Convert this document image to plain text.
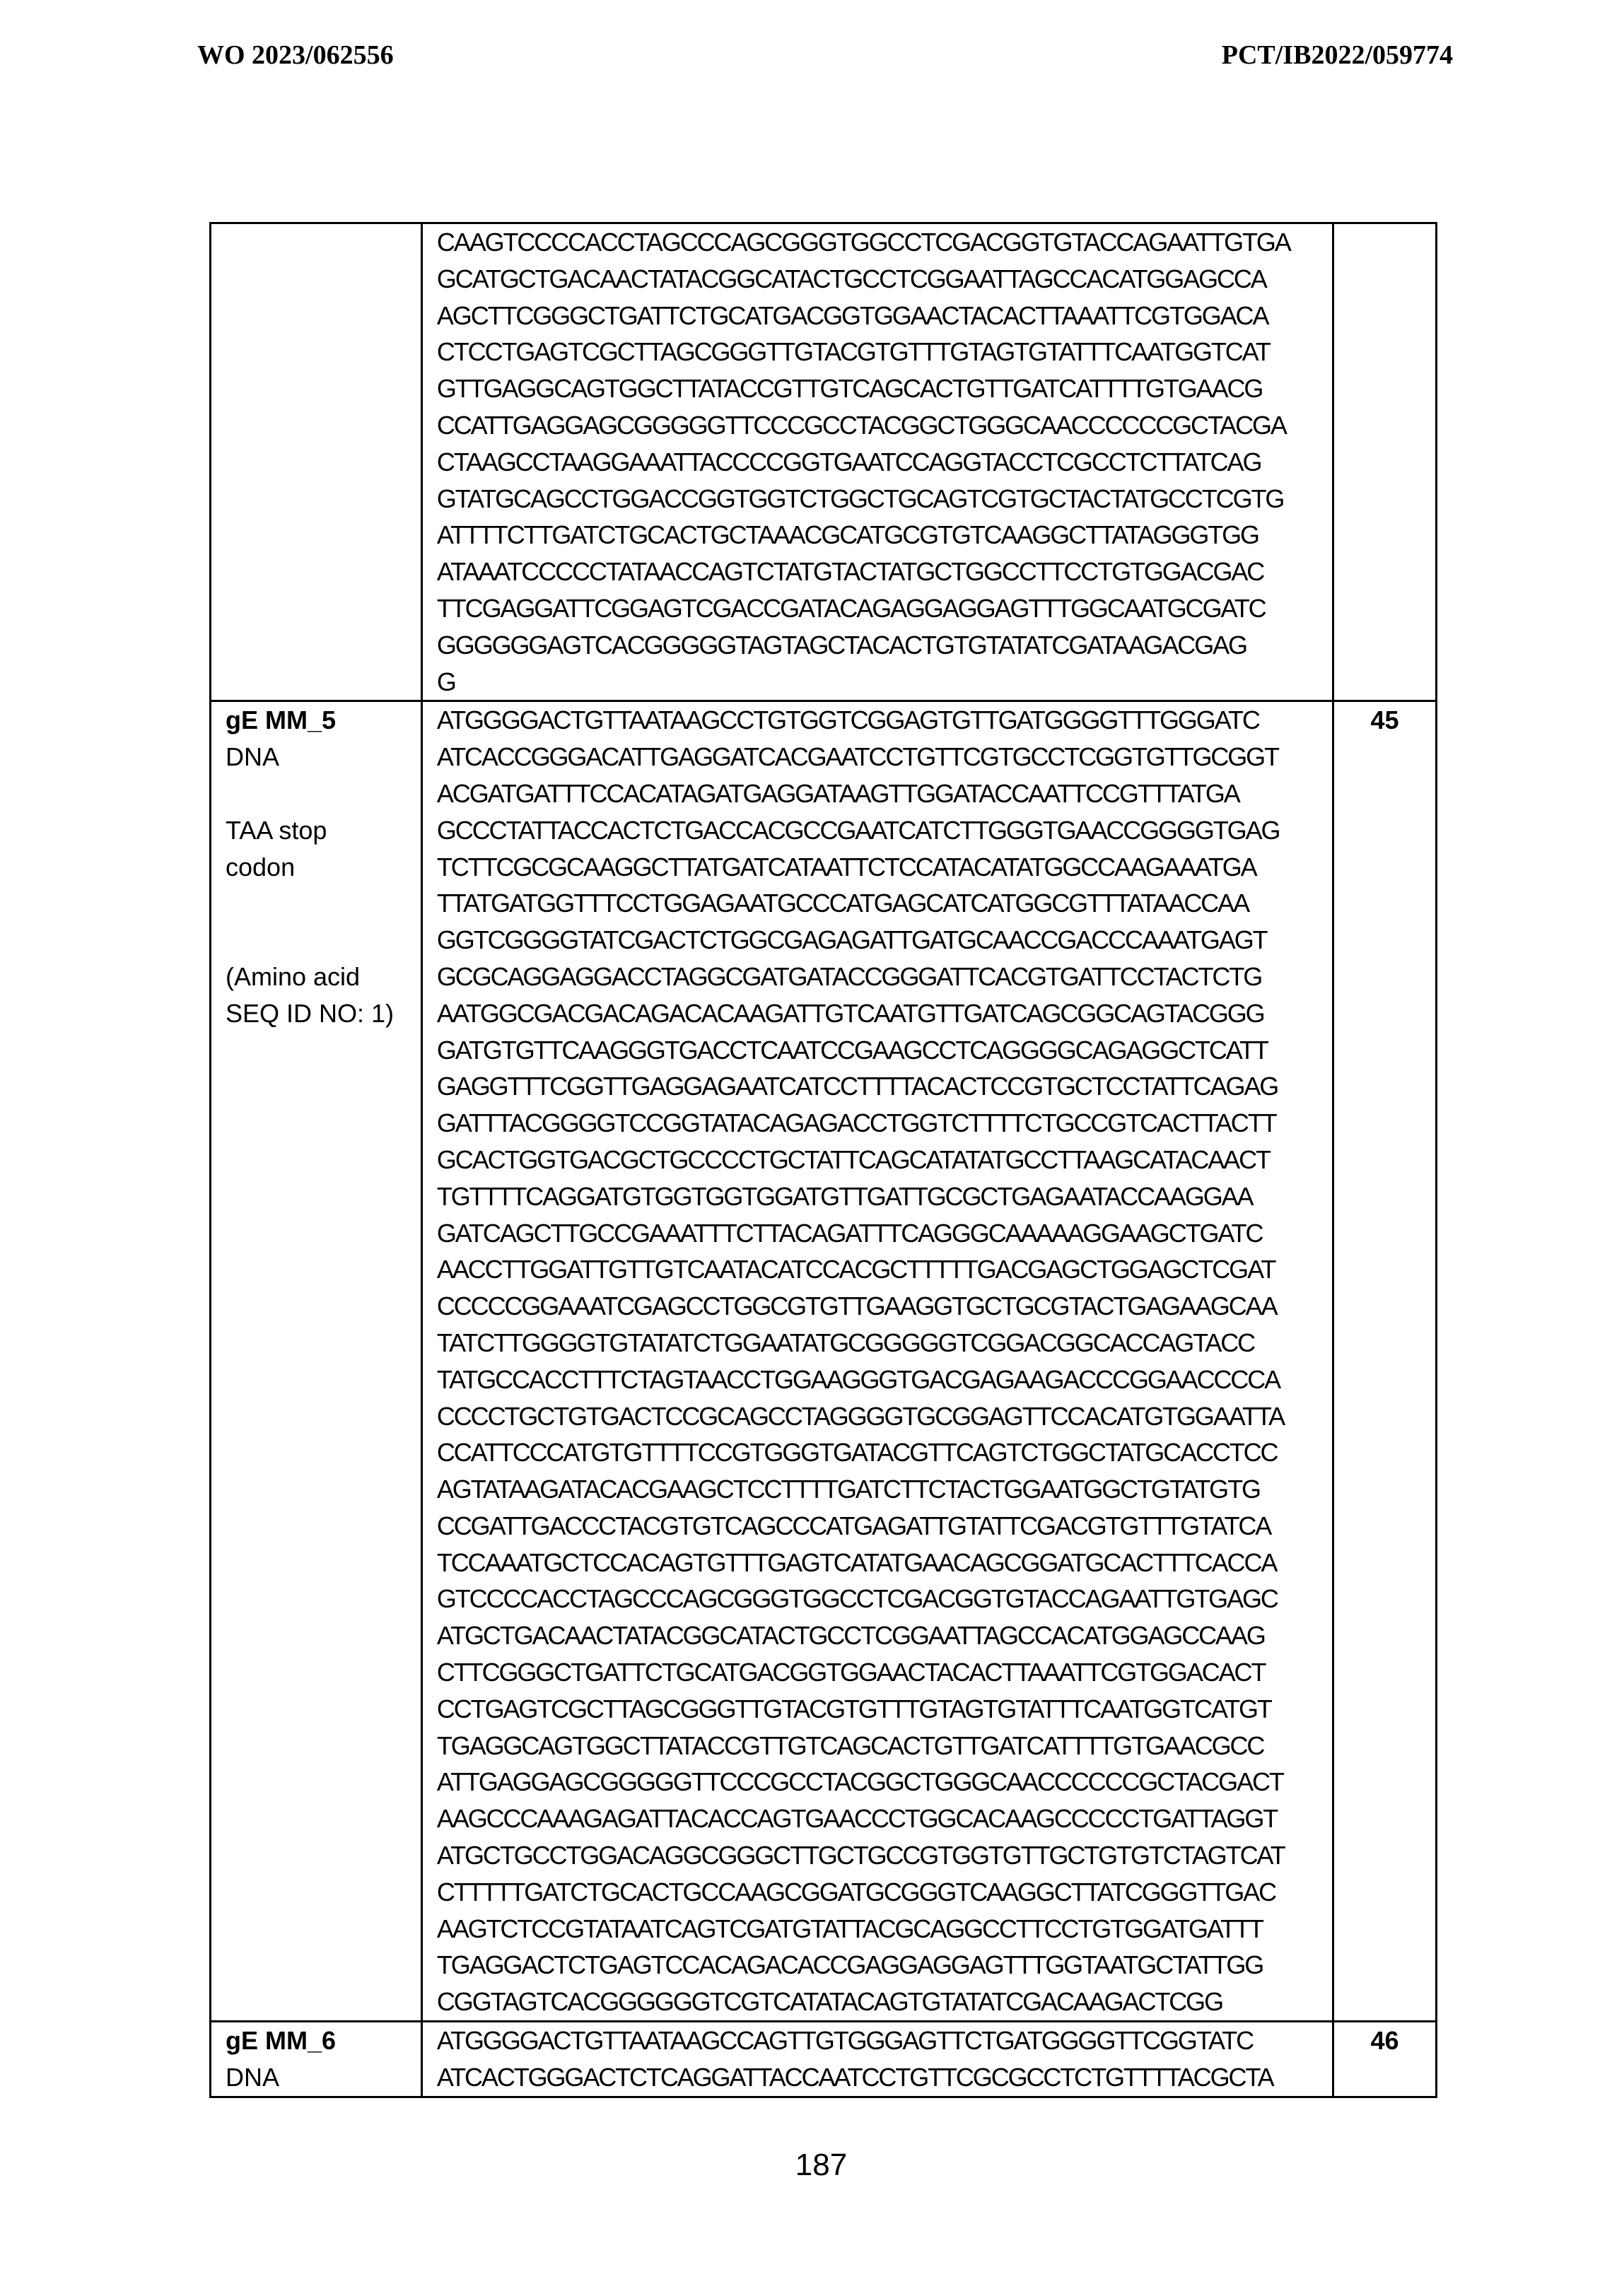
WO 2023/062556	PCT/IB2022/059774

CAAGTCCCCACCTAGCCCAGCGGGTGGCCTCGACGGTGTACCAGAATTGTGA
GCATGCTGACAACTATACGGCATACTGCCTCGGAATTAGCCACATGGAGCCA
AGCTTCGGGCTGATTCTGCATGACGGTGGAACTACACTTAAATTCGTGGACA
CTCCTGAGTCGCTTAGCGGGTTGTACGTGTTTGTAGTGTATTTCAATGGTCAT
GTTGAGGCAGTGGCTTATACCGTTGTCAGCACTGTTGATCATTTTGTGAACG
CCATTGAGGAGCGGGGGTTCCCGCCTACGGCTGGGCAACCCCCCGCTACGA
CTAAGCCTAAGGAAATTACCCCGGTGAATCCAGGTACCTCGCCTCTTATCAG
GTATGCAGCCTGGACCGGTGGTCTGGCTGCAGTCGTGCTACTATGCCTCGTG
ATTTTCTTGATCTGCACTGCTAAACGCATGCGTGTCAAGGCTTATAGGGTGG
ATAAATCCCCCTATAACCAGTCTATGTACTATGCTGGCCTTCCTGTGGACGAC
TTCGAGGATTCGGAGTCGACCGATACAGAGGAGGAGTTTGGCAATGCGATC
GGGGGGAGTCACGGGGGTAGTAGCTACACTGTGTATATCGATAAGACGAG
G

gE MM_5
DNA
TAA stop
codon
(Amino acid
SEQ ID NO: 1)

ATGGGGACTGTTAATAAGCCTGTGGTCGGAGTGTTGATGGGGTTTGGGATC
ATCACCGGGACATTGAGGATCACGAATCCTGTTCGTGCCTCGGTGTTGCGGT
ACGATGATTTCCACATAGATGAGGATAAGTTGGATACCAATTCCGTTTATGA
GCCCTATTACCACTCTGACCACGCCGAATCATCTTGGGTGAACCGGGGTGAG
TCTTCGCGCAAGGCTTATGATCATAATTCTCCATACATATGGCCAAGAAATGA
TTATGATGGTTTCCTGGAGAATGCCCATGAGCATCATGGCGTTTATAACCAA
GGTCGGGGTATCGACTCTGGCGAGAGATTGATGCAACCGACCCAAATGAGT
GCGCAGGAGGACCTAGGCGATGATACCGGGATTCACGTGATTCCTACTCTG
AATGGCGACGACAGACACAAGATTGTCAATGTTGATCAGCGGCAGTACGGG
GATGTGTTCAAGGGTGACCTCAATCCGAAGCCTCAGGGGCAGAGGCTCATT
GAGGTTTCGGTTGAGGAGAATCATCCTTTTACACTCCGTGCTCCTATTCAGAG
GATTTACGGGGTCCGGTATACAGAGACCTGGTCTTTTCTGCCGTCACTTACTT
GCACTGGTGACGCTGCCCCTGCTATTCAGCATATATGCCTTAAGCATACAACT
TGTTTTCAGGATGTGGTGGTGGATGTTGATTGCGCTGAGAATACCAAGGAA
GATCAGCTTGCCGAAATTTCTTACAGATTTCAGGGCAAAAAGGAAGCTGATC
AACCTTGGATTGTTGTCAATACATCCACGCTTTTTGACGAGCTGGAGCTCGAT
CCCCCGGAAATCGAGCCTGGCGTGTTGAAGGTGCTGCGTACTGAGAAGCAA
TATCTTGGGGTGTATATCTGGAATATGCGGGGGTCGGACGGCACCAGTACC
TATGCCACCTTTCTAGTAACCTGGAAGGGTGACGAGAAGACCCGGAACCCCA
CCCCTGCTGTGACTCCGCAGCCTAGGGGTGCGGAGTTCCACATGTGGAATTA
CCATTCCCATGTGTTTTCCGTGGGTGATACGTTCAGTCTGGCTATGCACCTCC
AGTATAAGATACACGAAGCTCCTTTTGATCTTCTACTGGAATGGCTGTATGTG
CCGATTGACCCTACGTGTCAGCCCATGAGATTGTATTCGACGTGTTTGTATCA
TCCAAATGCTCCACAGTGTTTGAGTCATATGAACAGCGGATGCACTTTCACCA
GTCCCCACCTAGCCCAGCGGGTGGCCTCGACGGTGTACCAGAATTGTGAGC
ATGCTGACAACTATACGGCATACTGCCTCGGAATTAGCCACATGGAGCCAAG
CTTCGGGCTGATTCTGCATGACGGTGGAACTACACTTAAATTCGTGGACACT
CCTGAGTCGCTTAGCGGGTTGTACGTGTTTGTAGTGTATTTCAATGGTCATGT
TGAGGCAGTGGCTTATACCGTTGTCAGCACTGTTGATCATTTTGTGAACGCC
ATTGAGGAGCGGGGGTTCCCGCCTACGGCTGGGCAACCCCCCGCTACGACT
AAGCCCAAAGAGATTACACCAGTGAACCCTGGCACAAGCCCCCTGATTAGGT
ATGCTGCCTGGACAGGCGGGCTTGCTGCCGTGGTGTTGCTGTGTCTAGTCAT
CTTTTTGATCTGCACTGCCAAGCGGATGCGGGTCAAGGCTTATCGGGTTGAC
AAGTCTCCGTATAATCAGTCGATGTATTACGCAGGCCTTCCTGTGGATGATTT
TGAGGACTCTGAGTCCACAGACACCGAGGAGGAGTTTGGTAATGCTATTGG
CGGTAGTCACGGGGGGTCGTCATATACAGTGTATATCGACAAGACTCGG

45

gE MM_6
DNA

ATGGGGACTGTTAATAAGCCAGTTGTGGGAGTTCTGATGGGGTTCGGTATC
ATCACTGGGACTCTCAGGATTACCAATCCTGTTCGCGCCTCTGTTTTACGCTA

46
187
